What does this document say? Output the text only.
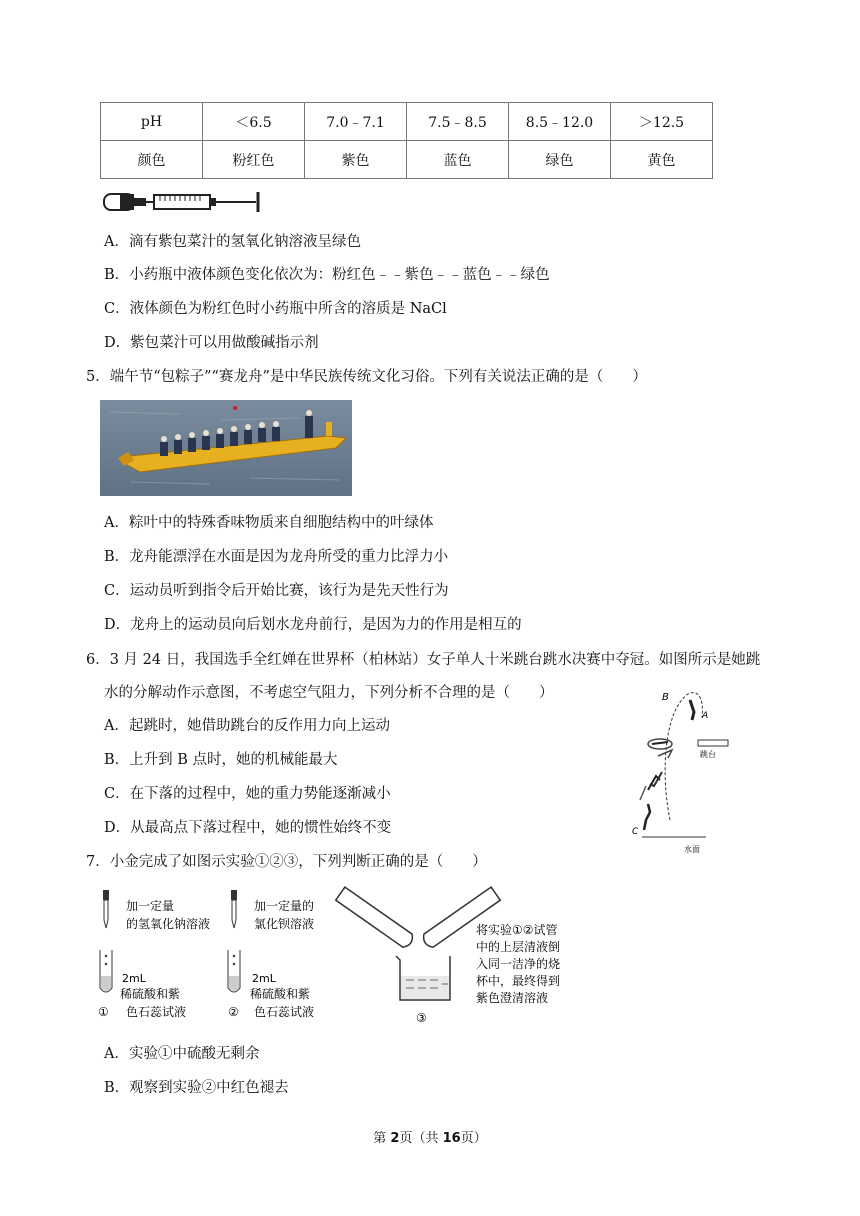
pH	＜6.5	7.0﹣7.1	7.5﹣8.5	8.5﹣12.0	＞12.5
颜色	粉红色	紫色	蓝色	绿色	黄色
A．滴有紫包菜汁的氢氧化钠溶液呈绿色
B．小药瓶中液体颜色变化依次为：粉红色﹣﹣紫色﹣﹣蓝色﹣﹣绿色
C．液体颜色为粉红色时小药瓶中所含的溶质是 NaCl
D．紫包菜汁可以用做酸碱指示剂
5．端午节“包粽子”“赛龙舟”是中华民族传统文化习俗。下列有关说法正确的是（　　）
A．粽叶中的特殊香味物质来自细胞结构中的叶绿体
B．龙舟能漂浮在水面是因为龙舟所受的重力比浮力小
C．运动员听到指令后开始比赛，该行为是先天性行为
D．龙舟上的运动员向后划水龙舟前行，是因为力的作用是相互的
6．3 月 24 日，我国选手全红婵在世界杯（柏林站）女子单人十米跳台跳水决赛中夺冠。如图所示是她跳
水的分解动作示意图，不考虑空气阻力，下列分析不合理的是（　　）
A．起跳时，她借助跳台的反作用力向上运动
B．上升到 B 点时，她的机械能最大
C．在下落的过程中，她的重力势能逐渐减小
D．从最高点下落过程中，她的惯性始终不变
B
A
跳台
C
水面
7．小金完成了如图示实验①②③，下列判断正确的是（　　）
加一定量
的氢氧化钠溶液
2mL
稀硫酸和紫
色石蕊试液
①
加一定量的
氯化钡溶液
2mL
稀硫酸和紫
色石蕊试液
②	③
将实验①②试管
中的上层清液倒
入同一洁净的烧
杯中，最终得到
紫色澄清溶液
A．实验①中硫酸无剩余
B．观察到实验②中红色褪去
第 2页（共 16页）
